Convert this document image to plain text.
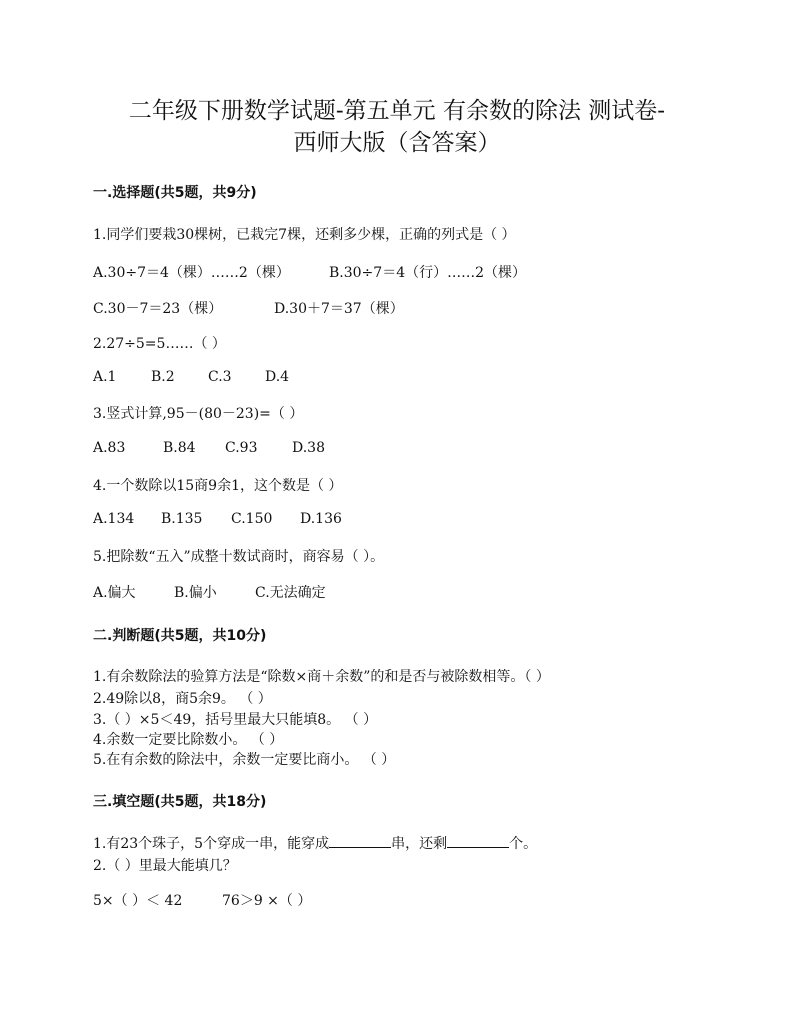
二年级下册数学试题-第五单元 有余数的除法 测试卷-
西师大版（含答案）
一.选择题(共5题，共9分)
1.同学们要栽30棵树，已栽完7棵，还剩多少棵，正确的列式是（ ）
A.30÷7＝4（棵）……2（棵）	B.30÷7＝4（行）……2（棵）
C.30－7＝23（棵）	D.30＋7＝37（棵）
2.27÷5=5……（ ）
A.1	B.2	C.3	D.4
3.竖式计算,95－(80－23)=（ ）
A.83	B.84	C.93	D.38
4.一个数除以15商9余1，这个数是（ ）
A.134	B.135	C.150	D.136
5.把除数“五入”成整十数试商时，商容易（ ）。
A.偏大	B.偏小	C.无法确定
二.判断题(共5题，共10分)
1.有余数除法的验算方法是“除数×商＋余数”的和是否与被除数相等。（ ）
2.49除以8，商5余9。 （ ）
3.（ ）×5＜49，括号里最大只能填8。 （ ）
4.余数一定要比除数小。 （ ）
5.在有余数的除法中，余数一定要比商小。 （ ）
三.填空题(共5题，共18分)
1.有23个珠子，5个穿成一串，能穿成	串，还剩	个。
2.（ ）里最大能填几？
5×（ ）＜ 42	76＞9 ×（ ）
